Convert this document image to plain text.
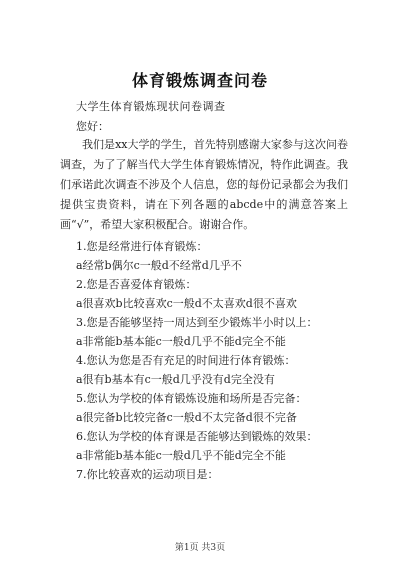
体育锻炼调查问卷
大学生体育锻炼现状问卷调查
您好：
我们是xx大学的学生，首先特别感谢大家参与这次问卷调查，为了了解当代大学生体育锻炼情况，特作此调查。我们承诺此次调查不涉及个人信息，您的每份记录都会为我们提供宝贵资料，请在下列各题的abcde中的满意答案上画“√”，希望大家积极配合。谢谢合作。
1.您是经常进行体育锻炼：
a经常b偶尔c一般d不经常d几乎不
2.您是否喜爱体育锻炼：
a很喜欢b比较喜欢c一般d不太喜欢d很不喜欢
3.您是否能够坚持一周达到至少锻炼半小时以上：
a非常能b基本能c一般d几乎不能d完全不能
4.您认为您是否有充足的时间进行体育锻炼：
a很有b基本有c一般d几乎没有d完全没有
5.您认为学校的体育锻炼设施和场所是否完备：
a很完备b比较完备c一般d不太完备d很不完备
6.您认为学校的体育课是否能够达到锻炼的效果：
a非常能b基本能c一般d几乎不能d完全不能
7.你比较喜欢的运动项目是：
第1页 共3页
